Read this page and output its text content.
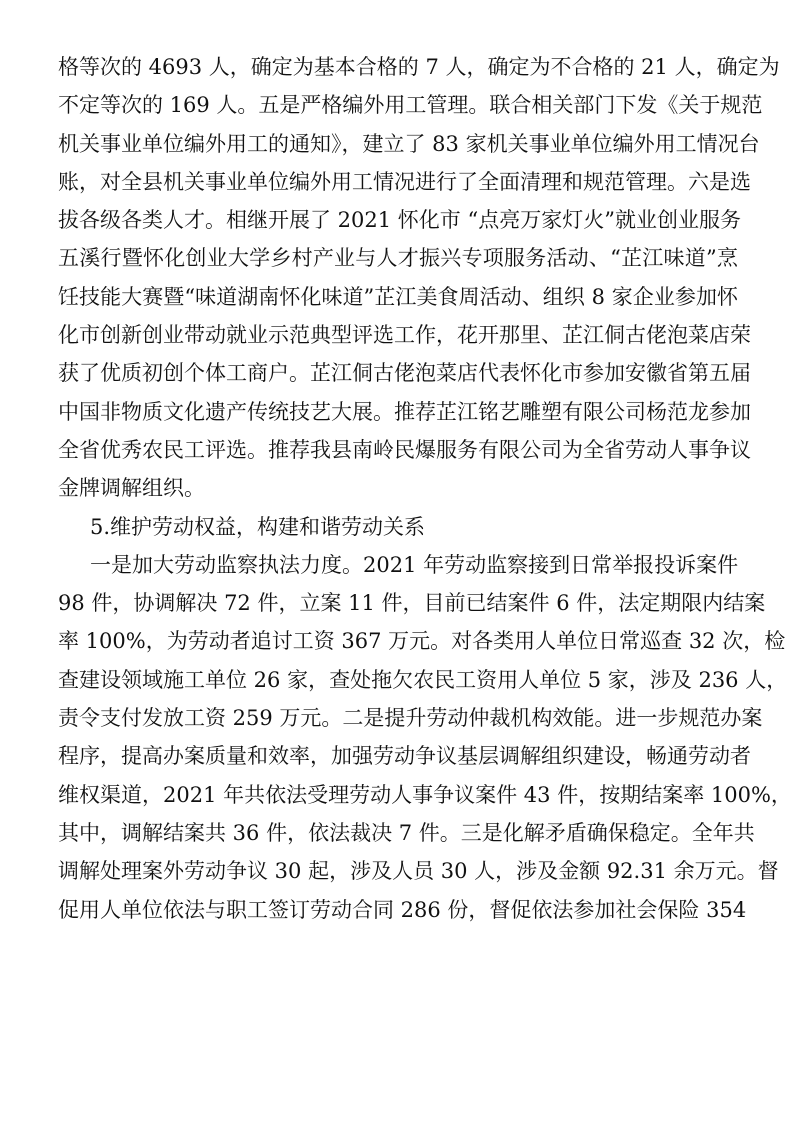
格等次的 4693 人，确定为基本合格的 7 人，确定为不合格的 21 人，确定为
不定等次的 169 人。五是严格编外用工管理。联合相关部门下发《关于规范
机关事业单位编外用工的通知》，建立了 83 家机关事业单位编外用工情况台
账，对全县机关事业单位编外用工情况进行了全面清理和规范管理。六是选
拔各级各类人才。相继开展了 2021 怀化市 “点亮万家灯火”就业创业服务
五溪行暨怀化创业大学乡村产业与人才振兴专项服务活动、“芷江味道”烹
饪技能大赛暨“味道湖南怀化味道”芷江美食周活动、组织 8 家企业参加怀
化市创新创业带动就业示范典型评选工作，花开那里、芷江侗古佬泡菜店荣
获了优质初创个体工商户。芷江侗古佬泡菜店代表怀化市参加安徽省第五届
中国非物质文化遗产传统技艺大展。推荐芷江铭艺雕塑有限公司杨范龙参加
全省优秀农民工评选。推荐我县南岭民爆服务有限公司为全省劳动人事争议
金牌调解组织。
5.维护劳动权益，构建和谐劳动关系
一是加大劳动监察执法力度。2021 年劳动监察接到日常举报投诉案件
98 件，协调解决 72 件，立案 11 件，目前已结案件 6 件，法定期限内结案
率 100%，为劳动者追讨工资 367 万元。对各类用人单位日常巡查 32 次，检
查建设领域施工单位 26 家，查处拖欠农民工资用人单位 5 家，涉及 236 人，
责令支付发放工资 259 万元。二是提升劳动仲裁机构效能。进一步规范办案
程序，提高办案质量和效率，加强劳动争议基层调解组织建设，畅通劳动者
维权渠道，2021 年共依法受理劳动人事争议案件 43 件，按期结案率 100%，
其中，调解结案共 36 件，依法裁决 7 件。三是化解矛盾确保稳定。全年共
调解处理案外劳动争议 30 起，涉及人员 30 人，涉及金额 92.31 余万元。督
促用人单位依法与职工签订劳动合同 286 份，督促依法参加社会保险 354
